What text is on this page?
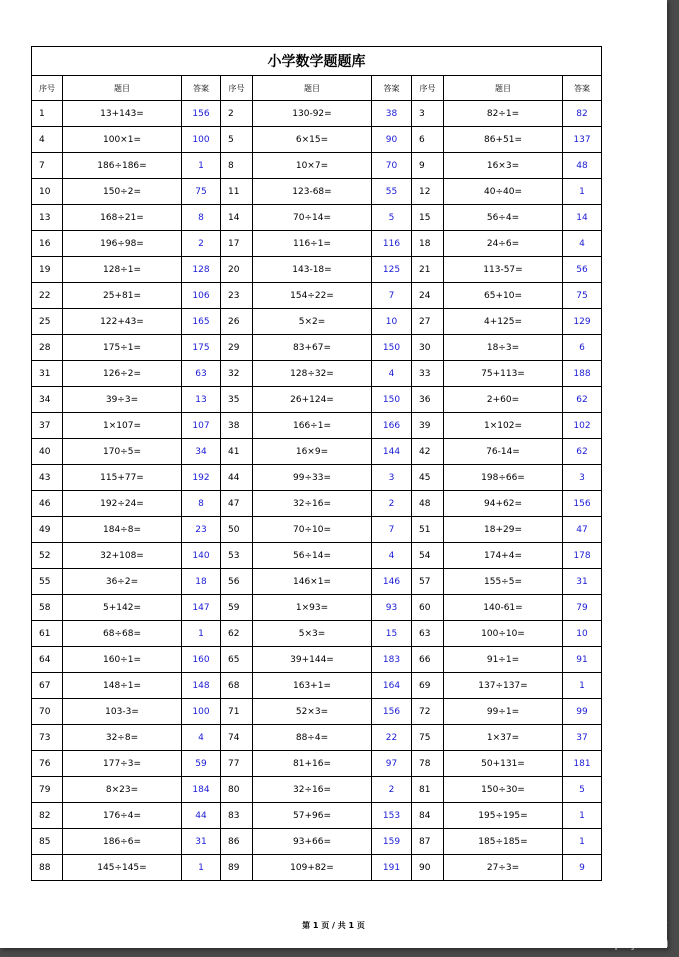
小学数学题题库								
序号	题目	答案	序号	题目	答案	序号	题目	答案
1	13+143=	156	2	130-92=	38	3	82÷1=	82
4	100×1=	100	5	6×15=	90	6	86+51=	137
7	186÷186=	1	8	10×7=	70	9	16×3=	48
10	150÷2=	75	11	123-68=	55	12	40÷40=	1
13	168÷21=	8	14	70÷14=	5	15	56÷4=	14
16	196÷98=	2	17	116÷1=	116	18	24÷6=	4
19	128÷1=	128	20	143-18=	125	21	113-57=	56
22	25+81=	106	23	154÷22=	7	24	65+10=	75
25	122+43=	165	26	5×2=	10	27	4+125=	129
28	175÷1=	175	29	83+67=	150	30	18÷3=	6
31	126÷2=	63	32	128÷32=	4	33	75+113=	188
34	39÷3=	13	35	26+124=	150	36	2+60=	62
37	1×107=	107	38	166÷1=	166	39	1×102=	102
40	170÷5=	34	41	16×9=	144	42	76-14=	62
43	115+77=	192	44	99÷33=	3	45	198÷66=	3
46	192÷24=	8	47	32÷16=	2	48	94+62=	156
49	184÷8=	23	50	70÷10=	7	51	18+29=	47
52	32+108=	140	53	56÷14=	4	54	174+4=	178
55	36÷2=	18	56	146×1=	146	57	155÷5=	31
58	5+142=	147	59	1×93=	93	60	140-61=	79
61	68÷68=	1	62	5×3=	15	63	100÷10=	10
64	160÷1=	160	65	39+144=	183	66	91÷1=	91
67	148÷1=	148	68	163+1=	164	69	137÷137=	1
70	103-3=	100	71	52×3=	156	72	99÷1=	99
73	32÷8=	4	74	88÷4=	22	75	1×37=	37
76	177÷3=	59	77	81+16=	97	78	50+131=	181
79	8×23=	184	80	32÷16=	2	81	150÷30=	5
82	176÷4=	44	83	57+96=	153	84	195÷195=	1
85	186÷6=	31	86	93+66=	159	87	185÷185=	1
88	145÷145=	1	89	109+82=	191	90	27÷3=	9
第 1 页 / 共 1 页	吾爱破解论坛
www.52pojie.cn
